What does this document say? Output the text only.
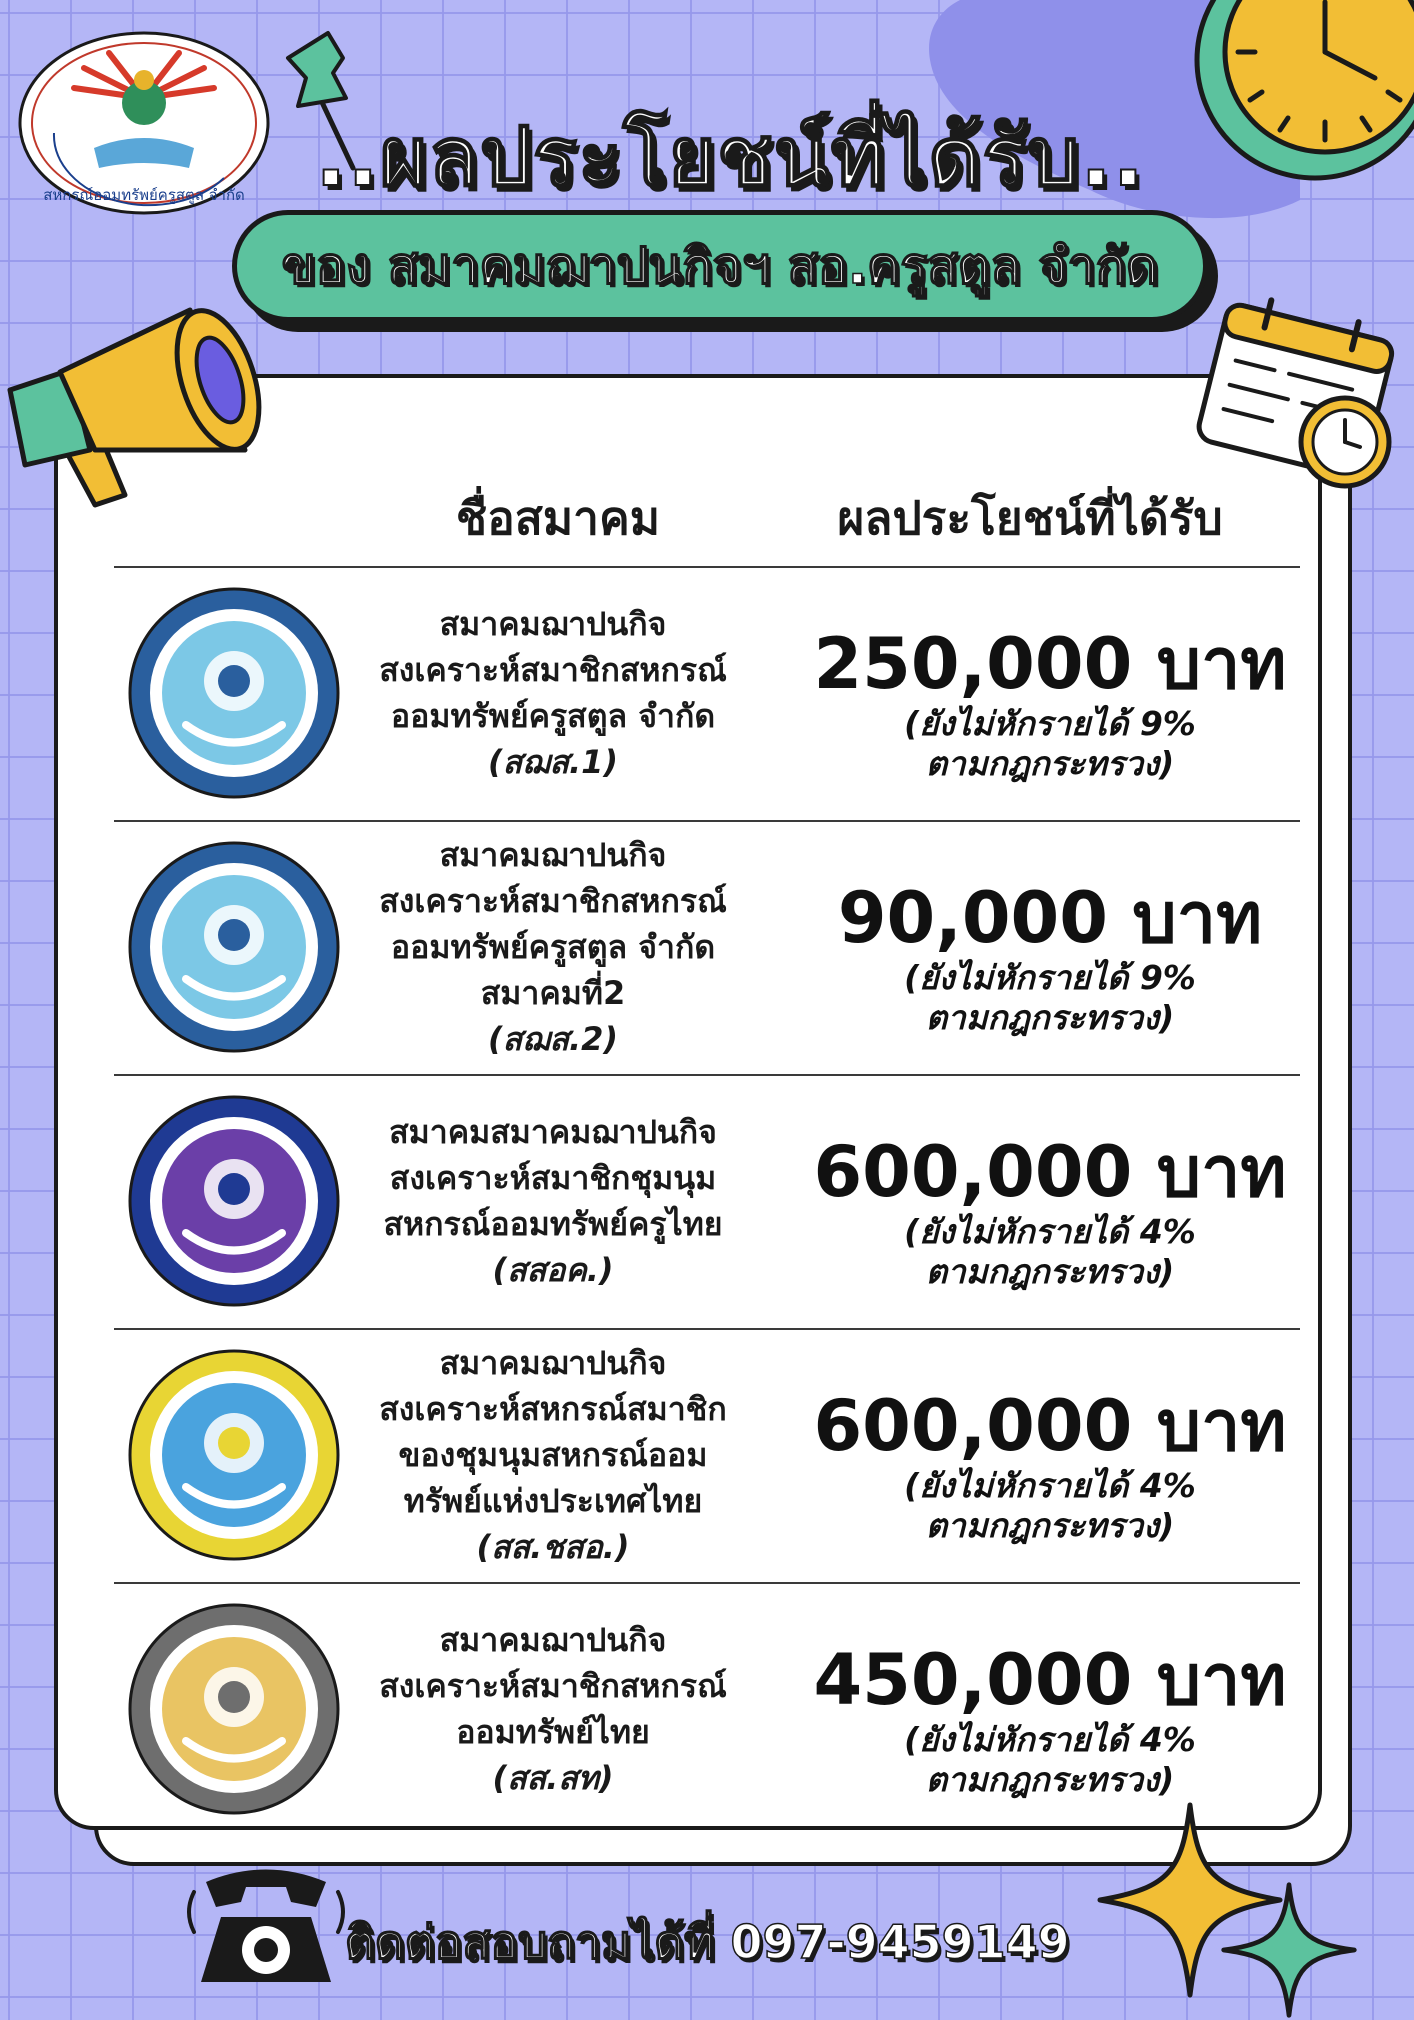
สหกรณ์ออมทรัพย์ครูสตูล จำกัด ..ผลประโยชน์ที่ได้รับ..
ของ สมาคมฌาปนกิจฯ สอ.ครูสตูล จำกัด
ชื่อสมาคม	ผลประโยชน์ที่ได้รับ
สมาคมฌาปนกิจ
สงเคราะห์สมาชิกสหกรณ์
ออมทรัพย์ครูสตูล จำกัด
(สฌส.1)
250,000 บาท
(ยังไม่หักรายได้ 9%
ตามกฎกระทรวง)
สมาคมฌาปนกิจ
สงเคราะห์สมาชิกสหกรณ์
ออมทรัพย์ครูสตูล จำกัด
สมาคมที่2
(สฌส.2)
90,000 บาท
(ยังไม่หักรายได้ 9%
ตามกฎกระทรวง)
สมาคมสมาคมฌาปนกิจ
สงเคราะห์สมาชิกชุมนุม
สหกรณ์ออมทรัพย์ครูไทย
(สสอค.)
600,000 บาท
(ยังไม่หักรายได้ 4%
ตามกฎกระทรวง)
สมาคมฌาปนกิจ
สงเคราะห์สหกรณ์สมาชิก
ของชุมนุมสหกรณ์ออม
ทรัพย์แห่งประเทศไทย
(สส.ชสอ.)
600,000 บาท
(ยังไม่หักรายได้ 4%
ตามกฎกระทรวง)
สมาคมฌาปนกิจ
สงเคราะห์สมาชิกสหกรณ์
ออมทรัพย์ไทย
(สส.สท)
450,000 บาท
(ยังไม่หักรายได้ 4%
ตามกฎกระทรวง)
ติดต่อสอบถามได้ที่ 097-9459149
